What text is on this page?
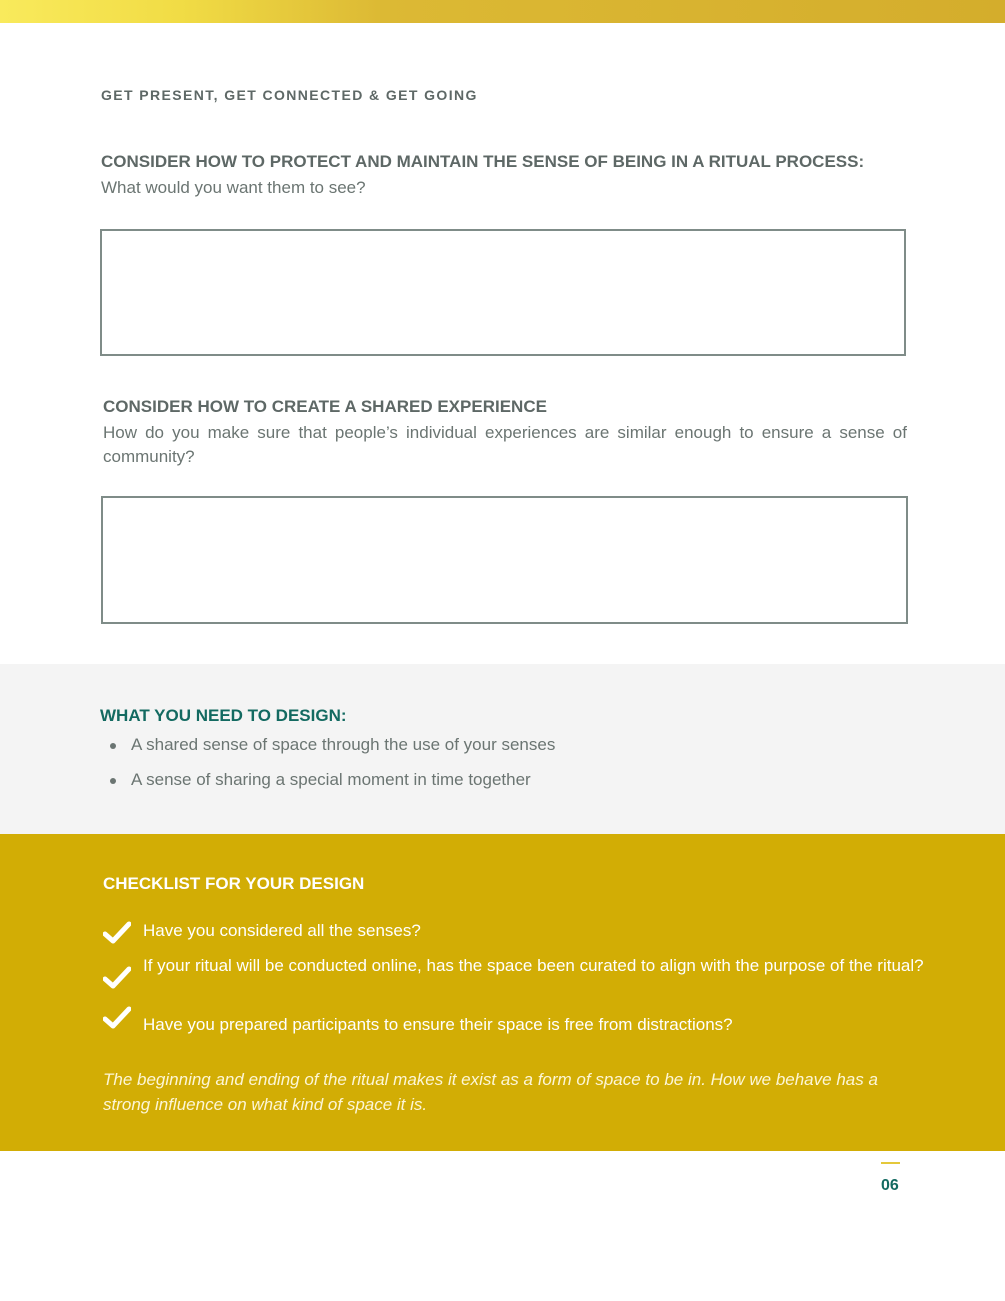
GET PRESENT, GET CONNECTED & GET GOING
CONSIDER HOW TO PROTECT AND MAINTAIN THE SENSE OF BEING IN A RITUAL PROCESS:
What would you want them to see?
CONSIDER HOW TO CREATE A SHARED EXPERIENCE
How do you make sure that people’s individual experiences are similar enough to ensure a sense of community?
WHAT YOU NEED TO DESIGN:
A shared sense of space through the use of your senses
A sense of sharing a special moment in time together
CHECKLIST FOR YOUR DESIGN
Have you considered all the senses?
If your ritual will be conducted online, has the space been curated to align with the purpose of the ritual?
Have you prepared participants to ensure their space is free from distractions?
The beginning and ending of the ritual makes it exist as a form of space to be in. How we behave has a strong influence on what kind of space it is.
06
